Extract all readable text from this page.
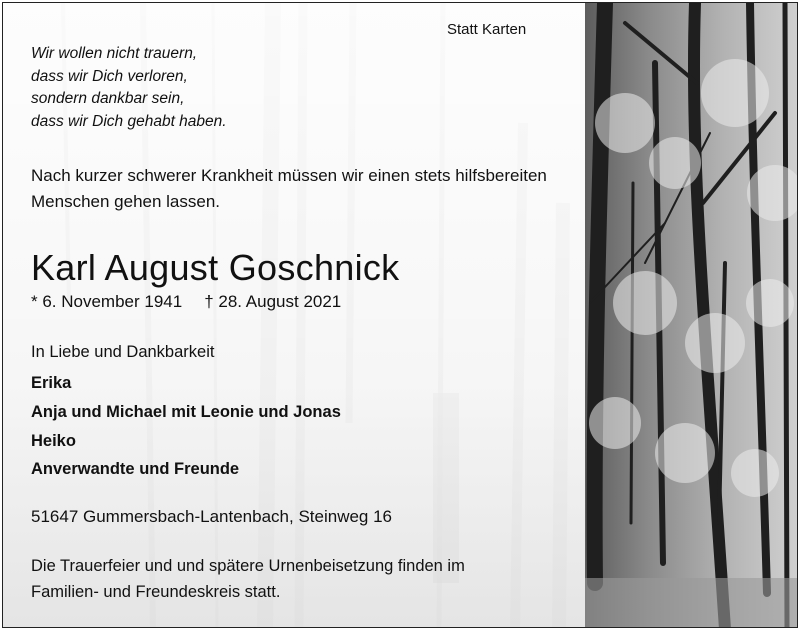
Statt Karten
Wir wollen nicht trauern,
dass wir Dich verloren,
sondern dankbar sein,
dass wir Dich gehabt haben.
Nach kurzer schwerer Krankheit müssen wir einen stets hilfsbereiten
Menschen gehen lassen.
Karl August Goschnick
* 6. November 1941 † 28. August 2021
In Liebe und Dankbarkeit
Erika
Anja und Michael mit Leonie und Jonas
Heiko
Anverwandte und Freunde
51647 Gummersbach-Lantenbach, Steinweg 16
Die Trauerfeier und und spätere Urnenbeisetzung finden im
Familien- und Freundeskreis statt.
